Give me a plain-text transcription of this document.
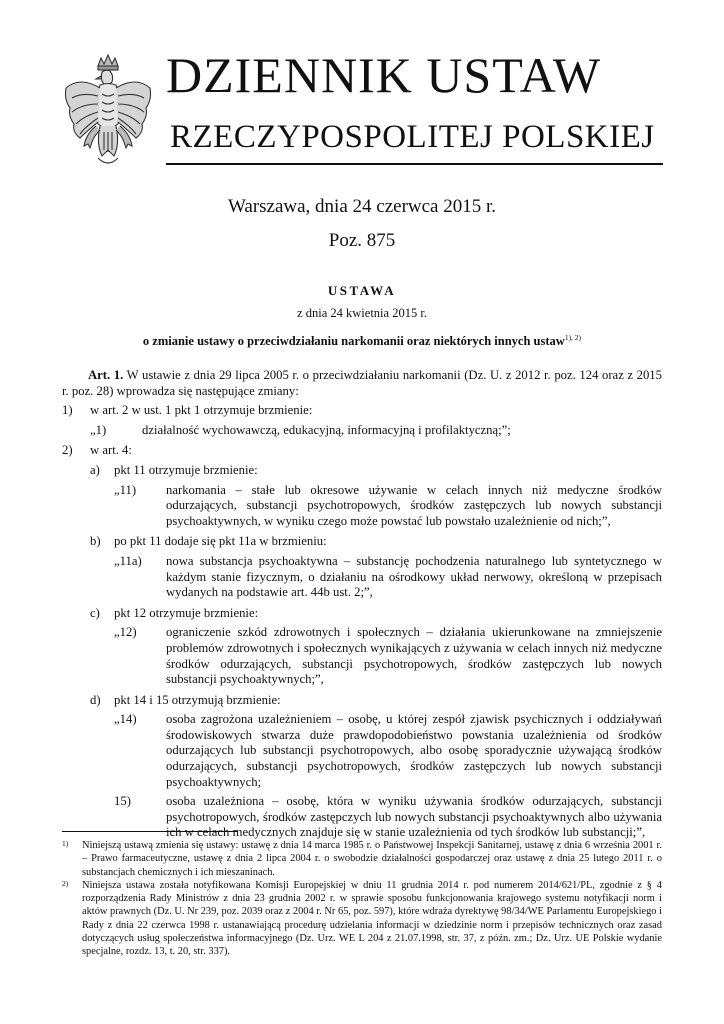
DZIENNIK USTAW
RZECZYPOSPOLITEJ POLSKIEJ
Warszawa, dnia 24 czerwca 2015 r.
Poz. 875
USTAWA
z dnia 24 kwietnia 2015 r.
o zmianie ustawy o przeciwdziałaniu narkomanii oraz niektórych innych ustaw$^{1), 2)}$

Art. 1. W ustawie z dnia 29 lipca 2005 r. o przeciwdziałaniu narkomanii (Dz. U. z 2012 r. poz. 124 oraz z 2015 r. poz. 28) wprowadza się następujące zmiany:

1)	w art. 2 w ust. 1 pkt 1 otrzymuje brzmienie:
„1)	działalność wychowawczą, edukacyjną, informacyjną i profilaktyczną;”;
2)	w art. 4:
a)	pkt 11 otrzymuje brzmienie:
„11)	narkomania – stałe lub okresowe używanie w celach innych niż medyczne środków odurzających, substancji psychotropowych, środków zastępczych lub nowych substancji psychoaktywnych, w wyniku czego może powstać lub powstało uzależnienie od nich;”,
b)	po pkt 11 dodaje się pkt 11a w brzmieniu:
„11a)	nowa substancja psychoaktywna – substancję pochodzenia naturalnego lub syntetycznego w każdym stanie fizycznym, o działaniu na ośrodkowy układ nerwowy, określoną w przepisach wydanych na podstawie art. 44b ust. 2;”,
c)	pkt 12 otrzymuje brzmienie:
„12)	ograniczenie szkód zdrowotnych i społecznych – działania ukierunkowane na zmniejszenie problemów zdrowotnych i społecznych wynikających z używania w celach innych niż medyczne środków odurzających, substancji psychotropowych, środków zastępczych lub nowych substancji psychoaktywnych;”,
d)	pkt 14 i 15 otrzymują brzmienie:
„14)	osoba zagrożona uzależnieniem – osobę, u której zespół zjawisk psychicznych i oddziaływań środowiskowych stwarza duże prawdopodobieństwo powstania uzależnienia od środków odurzających lub substancji psychotropowych, albo osobę sporadycznie używającą środków odurzających, substancji psychotropowych, środków zastępczych lub nowych substancji psychoaktywnych;
15)	osoba uzależniona – osobę, która w wyniku używania środków odurzających, substancji psychotropowych, środków zastępczych lub nowych substancji psychoaktywnych albo używania ich w celach medycznych znajduje się w stanie uzależnienia od tych środków lub substancji;”,
1)	Niniejszą ustawą zmienia się ustawy: ustawę z dnia 14 marca 1985 r. o Państwowej Inspekcji Sanitarnej, ustawę z dnia 6 września 2001 r. – Prawo farmaceutyczne, ustawę z dnia 2 lipca 2004 r. o swobodzie działalności gospodarczej oraz ustawę z dnia 25 lutego 2011 r. o substancjach chemicznych i ich mieszaninach.
2)	Niniejsza ustawa została notyfikowana Komisji Europejskiej w dniu 11 grudnia 2014 r. pod numerem 2014/621/PL, zgodnie z § 4 rozporządzenia Rady Ministrów z dnia 23 grudnia 2002 r. w sprawie sposobu funkcjonowania krajowego systemu notyfikacji norm i aktów prawnych (Dz. U. Nr 239, poz. 2039 oraz z 2004 r. Nr 65, poz. 597), które wdraża dyrektywę 98/34/WE Parlamentu Europejskiego i Rady z dnia 22 czerwca 1998 r. ustanawiającą procedurę udzielania informacji w dziedzinie norm i przepisów technicznych oraz zasad dotyczących usług społeczeństwa informacyjnego (Dz. Urz. WE L 204 z 21.07.1998, str. 37, z późn. zm.; Dz. Urz. UE Polskie wydanie specjalne, rozdz. 13, t. 20, str. 337).
